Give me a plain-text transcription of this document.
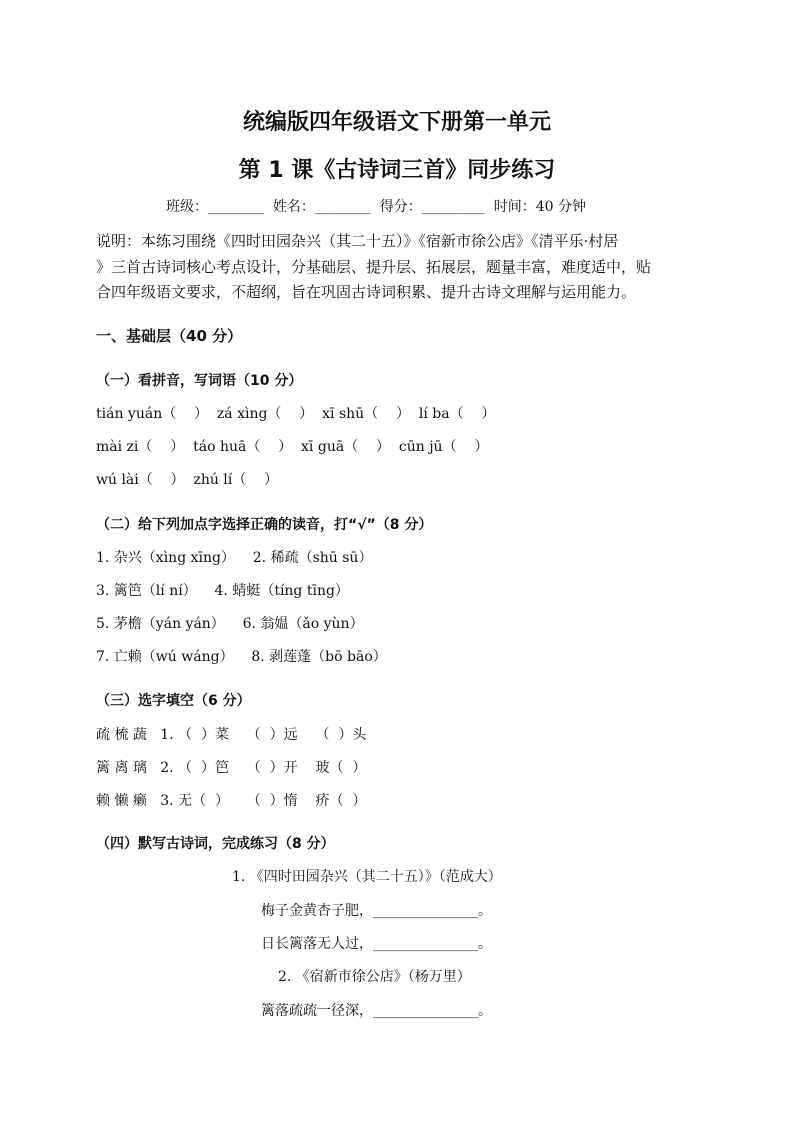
统编版四年级语文下册第一单元
第 1 课《古诗词三首》同步练习
班级：________  姓名：________  得分：_________  时间：40 分钟
说明：本练习围绕《四时田园杂兴（其二十五）》《宿新市徐公店》《清平乐·村居
》三首古诗词核心考点设计，分基础层、提升层、拓展层，题量丰富，难度适中，贴
合四年级语文要求，不超纲，旨在巩固古诗词积累、提升古诗文理解与运用能力。
一、基础层（40 分）
（一）看拼音，写词语（10 分）
tián yuán（    ）  zá xìng（    ）  xī shū（    ）  lí ba（    ）
mài zi（    ）  táo huā（    ）  xī guā（    ）  cūn jū（    ）
wú lài（    ）  zhú lí（    ）
（二）给下列加点字选择正确的读音，打“√”（8 分）
1. 杂兴（xìng xīng）    2. 稀疏（shū sū）
3. 篱笆（lí ní）    4. 蜻蜓（tíng tīng）
5. 茅檐（yán yán）    6. 翁媪（ǎo yùn）
7. 亡赖（wú wáng）    8. 剥莲蓬（bō bāo）
（三）选字填空（6 分）
疏 梳 蔬   1. （  ）菜    （  ）远    （  ）头
篱 离 璃   2. （  ）笆    （  ）开    玻（  ）
赖 懒 癞   3. 无（  ）    （  ）惰    疥（  ）
（四）默写古诗词，完成练习（8 分）
1. 《四时田园杂兴（其二十五）》（范成大）
梅子金黄杏子肥，_______________。
日长篱落无人过，_______________。
2. 《宿新市徐公店》（杨万里）
篱落疏疏一径深，_______________。
